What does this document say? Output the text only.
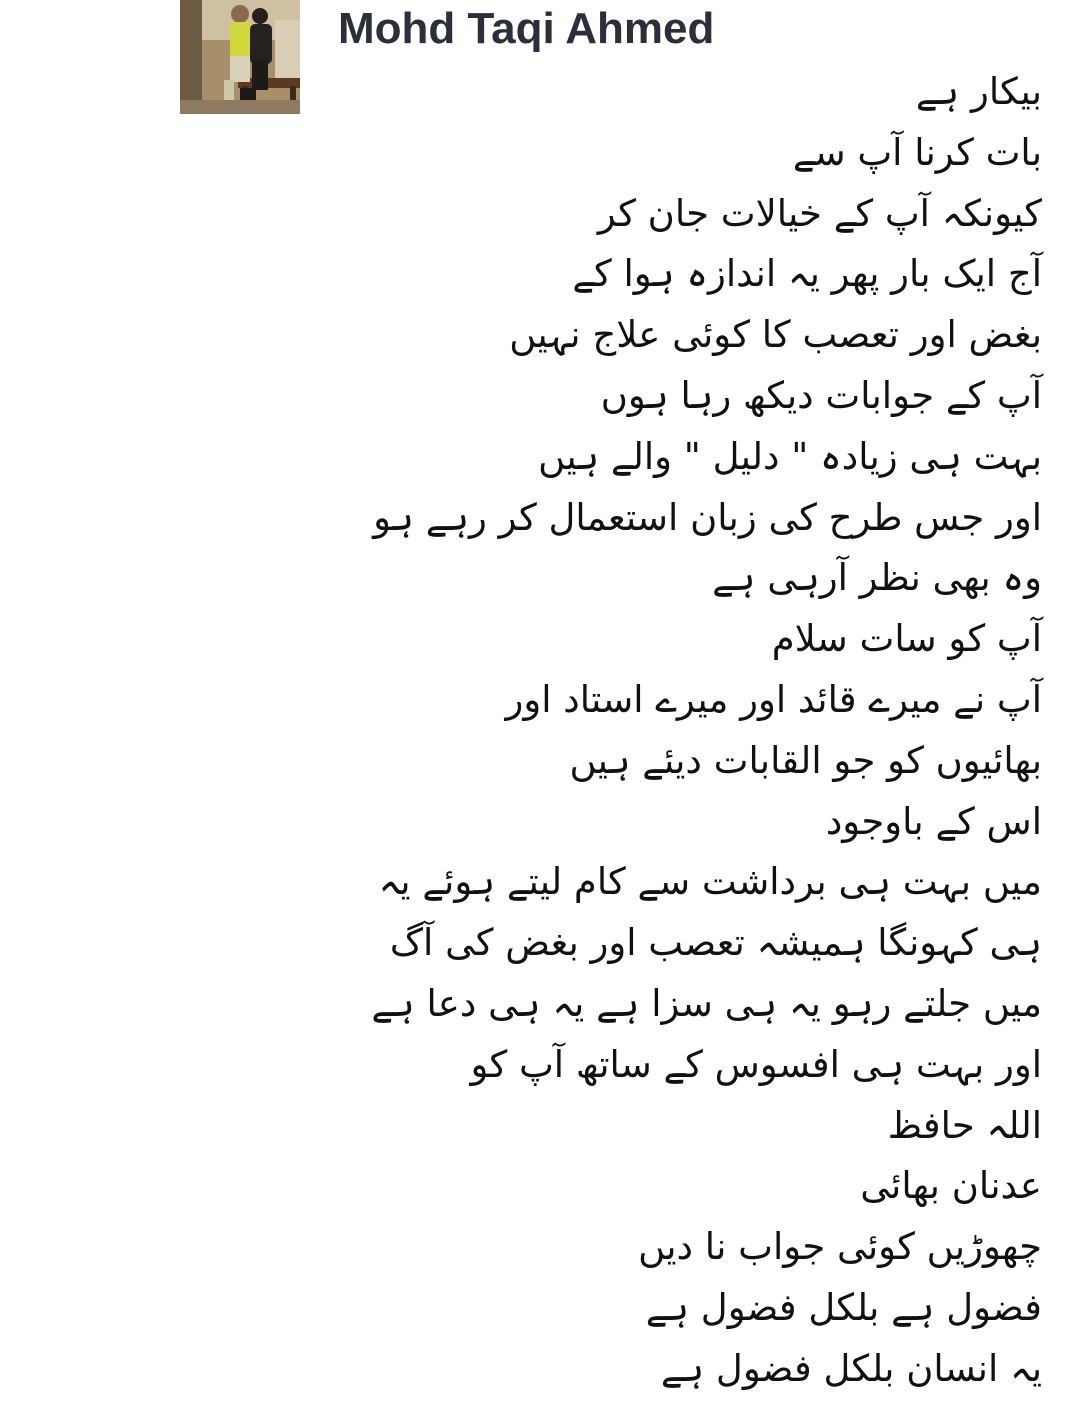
Mohd Taqi Ahmed
بیکار ہے
بات کرنا آپ سے
کیونکہ آپ کے خیالات جان کر
آج ایک بار پھر یہ اندازہ ہوا کے
بغض اور تعصب کا کوئی علاج نہیں
آپ کے جوابات دیکھ رہا ہوں
بہت ہی زیادہ " دلیل " والے ہیں
اور جس طرح کی زبان استعمال کر رہے ہو
وہ بھی نظر آرہی ہے
آپ کو سات سلام
آپ نے میرے قائد اور میرے استاد اور
بھائیوں کو جو القابات دیئے ہیں
اس کے باوجود
میں بہت ہی برداشت سے کام لیتے ہوئے یہ
ہی کہونگا ہمیشہ تعصب اور بغض کی آگ
میں جلتے رہو یہ ہی سزا ہے یہ ہی دعا ہے
اور بہت ہی افسوس کے ساتھ آپ کو
اللہ حافظ
عدنان بھائی
چھوڑیں کوئی جواب نا دیں
فضول ہے بلکل فضول ہے
یہ انسان بلکل فضول ہے
